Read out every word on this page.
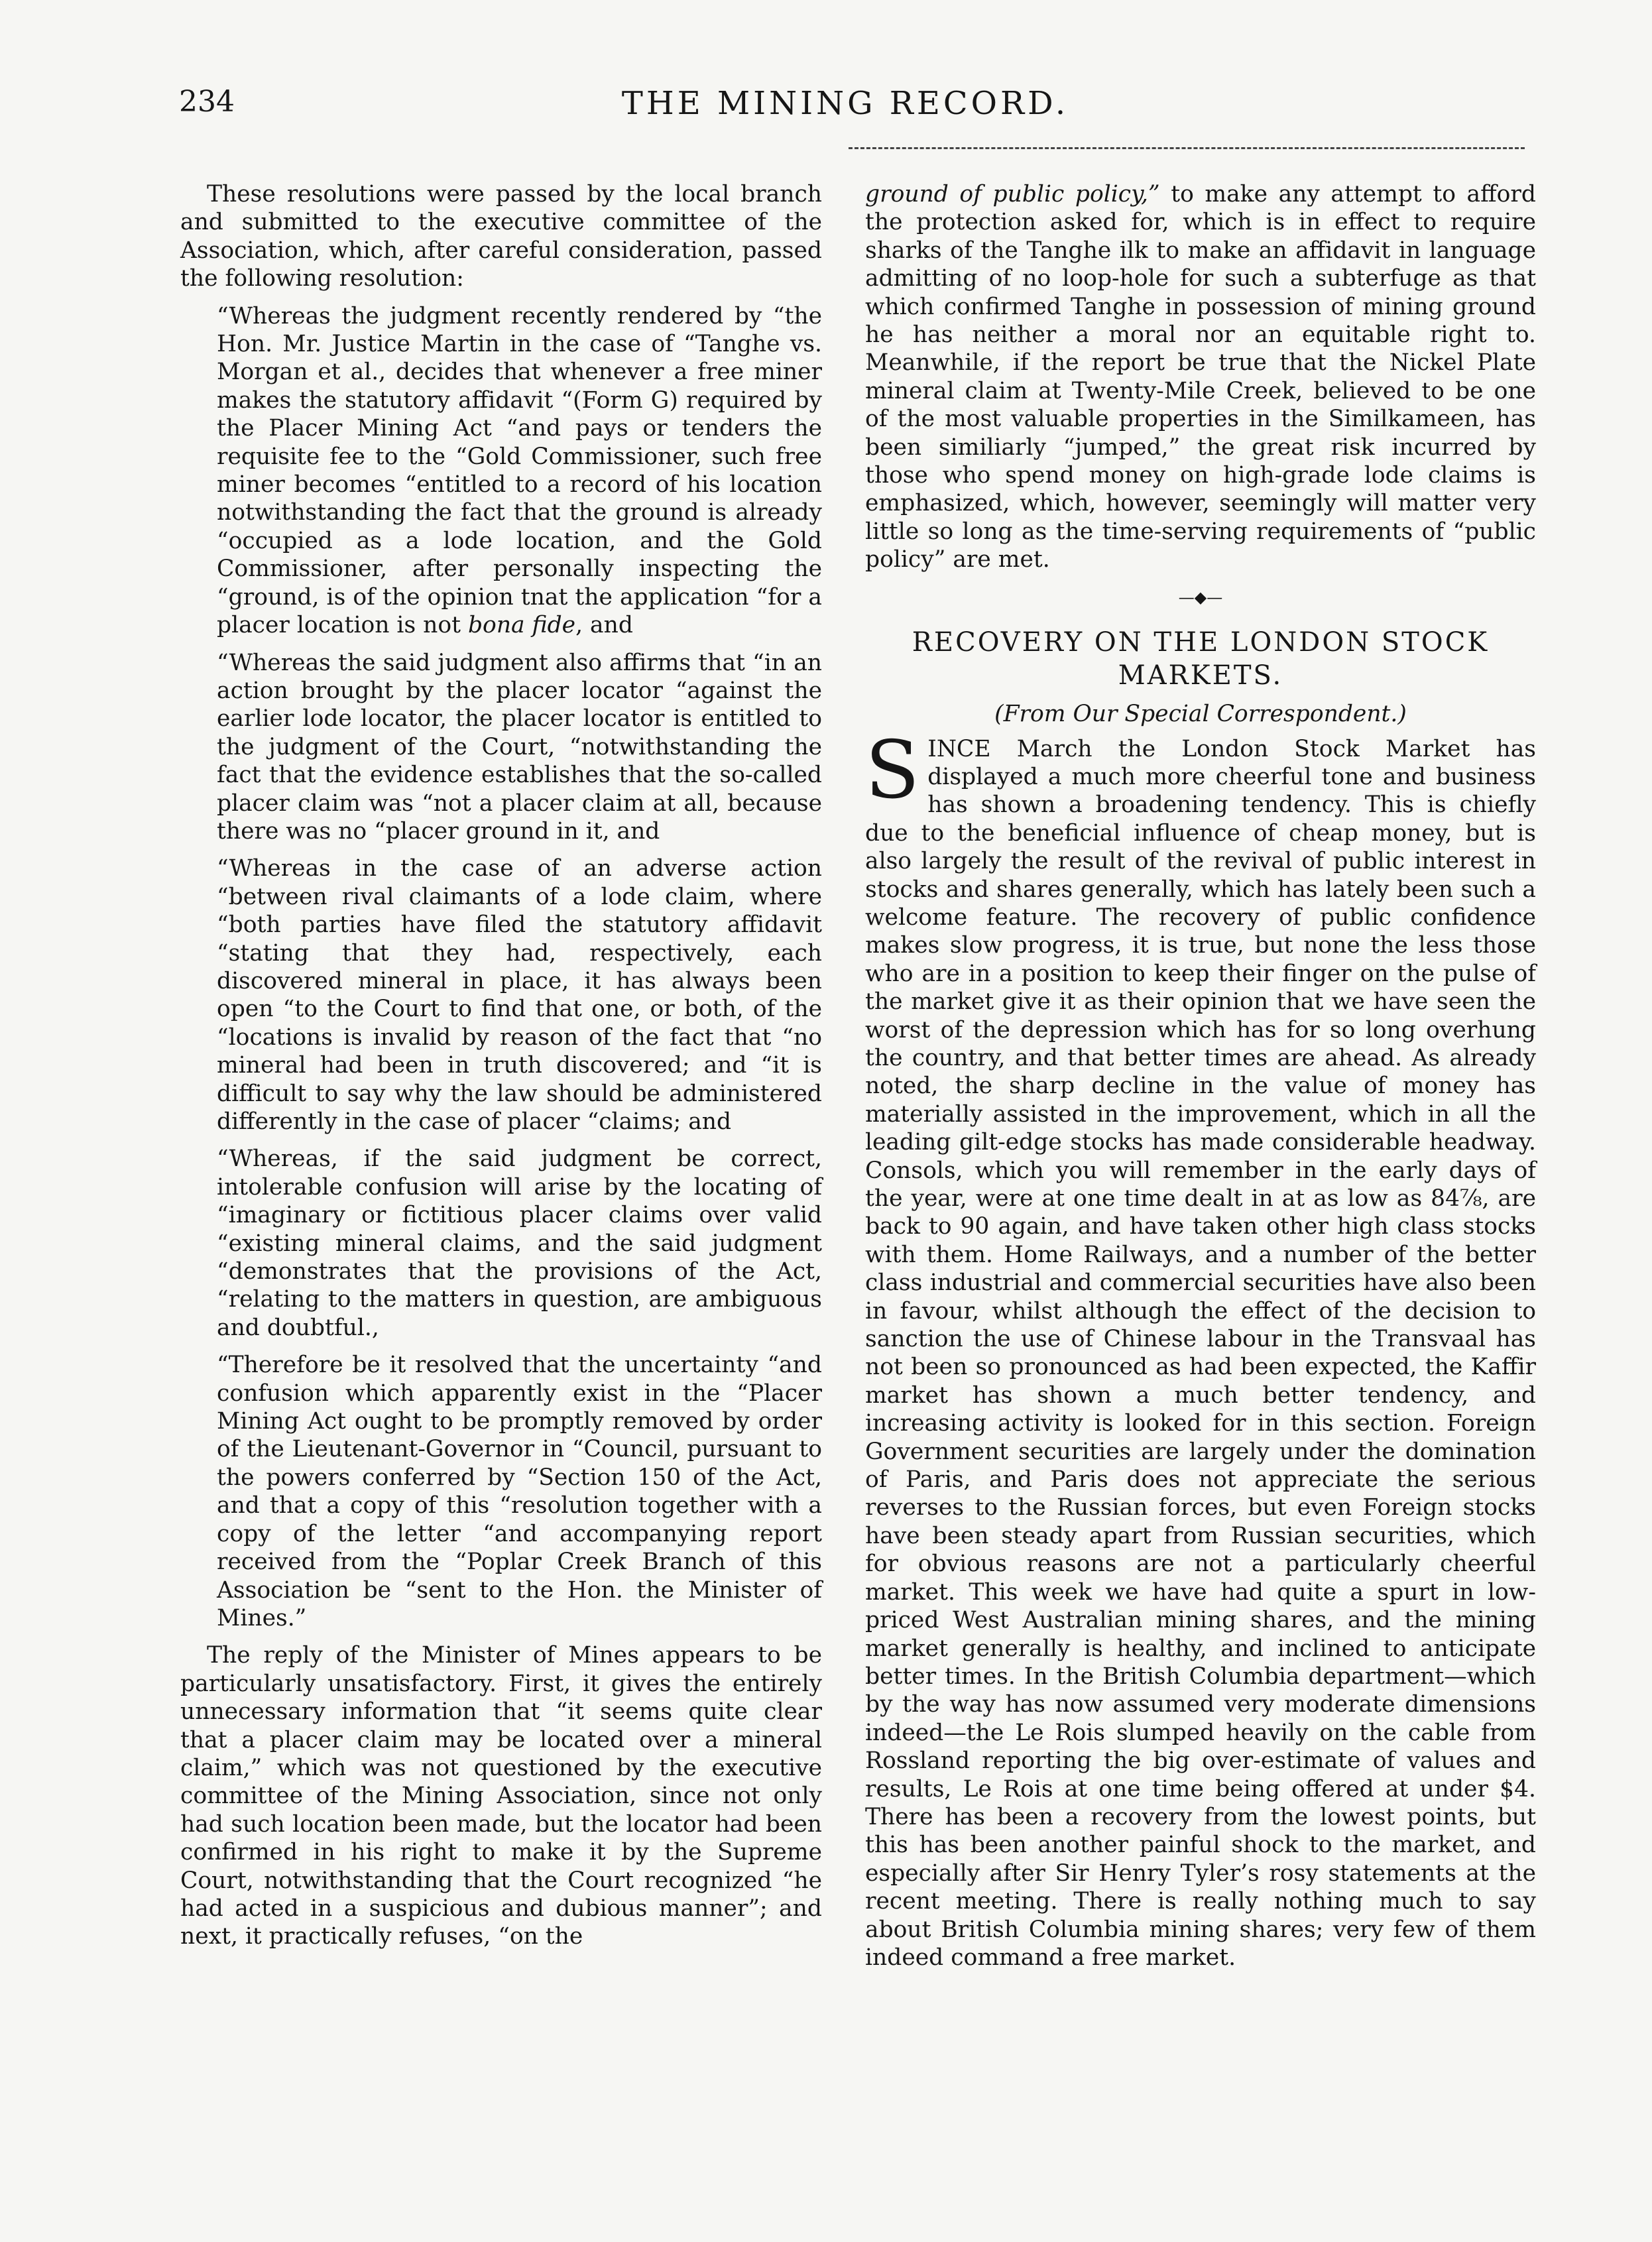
234	THE MINING RECORD.

These resolutions were passed by the local branch and submitted to the executive committee of the Association, which, after careful consideration, passed the following resolution:

“Whereas the judgment recently rendered by “the Hon. Mr. Justice Martin in the case of “Tanghe vs. Morgan et al., decides that whenever a free miner makes the statutory affidavit “(Form G) required by the Placer Mining Act “and pays or tenders the requisite fee to the “Gold Commissioner, such free miner becomes “entitled to a record of his location notwithstanding the fact that the ground is already “occupied as a lode location, and the Gold Commissioner, after personally inspecting the “ground, is of the opinion tnat the application “for a placer location is not bona fide, and

“Whereas the said judgment also affirms that “in an action brought by the placer locator “against the earlier lode locator, the placer locator is entitled to the judgment of the Court, “notwithstanding the fact that the evidence establishes that the so-called placer claim was “not a placer claim at all, because there was no “placer ground in it, and

“Whereas in the case of an adverse action “between rival claimants of a lode claim, where “both parties have filed the statutory affidavit “stating that they had, respectively, each discovered mineral in place, it has always been open “to the Court to find that one, or both, of the “locations is invalid by reason of the fact that “no mineral had been in truth discovered; and “it is difficult to say why the law should be administered differently in the case of placer “claims; and

“Whereas, if the said judgment be correct, intolerable confusion will arise by the locating of “imaginary or fictitious placer claims over valid “existing mineral claims, and the said judgment “demonstrates that the provisions of the Act, “relating to the matters in question, are ambiguous and doubtful.,

“Therefore be it resolved that the uncertainty “and confusion which apparently exist in the “Placer Mining Act ought to be promptly removed by order of the Lieutenant-Governor in “Council, pursuant to the powers conferred by “Section 150 of the Act, and that a copy of this “resolution together with a copy of the letter “and accompanying report received from the “Poplar Creek Branch of this Association be “sent to the Hon. the Minister of Mines.”

The reply of the Minister of Mines appears to be particularly unsatisfactory. First, it gives the entirely unnecessary information that “it seems quite clear that a placer claim may be located over a mineral claim,” which was not questioned by the executive committee of the Mining Association, since not only had such location been made, but the locator had been confirmed in his right to make it by the Supreme Court, notwithstanding that the Court recognized “he had acted in a suspicious and dubious manner”; and next, it practically refuses, “on the

ground of public policy,” to make any attempt to afford the protection asked for, which is in effect to require sharks of the Tanghe ilk to make an affidavit in language admitting of no loop-hole for such a subterfuge as that which confirmed Tanghe in possession of mining ground he has neither a moral nor an equitable right to. Meanwhile, if the report be true that the Nickel Plate mineral claim at Twenty-Mile Creek, believed to be one of the most valuable properties in the Similkameen, has been similiarly “jumped,” the great risk incurred by those who spend money on high-grade lode claims is emphasized, which, however, seemingly will matter very little so long as the time-serving requirements of “public policy” are met.

—◆—
RECOVERY ON THE LONDON STOCK MARKETS.
(From Our Special Correspondent.)

SINCE March the London Stock Market has displayed a much more cheerful tone and business has shown a broadening tendency. This is chiefly due to the beneficial influence of cheap money, but is also largely the result of the revival of public interest in stocks and shares generally, which has lately been such a welcome feature. The recovery of public confidence makes slow progress, it is true, but none the less those who are in a position to keep their finger on the pulse of the market give it as their opinion that we have seen the worst of the depression which has for so long overhung the country, and that better times are ahead. As already noted, the sharp decline in the value of money has materially assisted in the improvement, which in all the leading gilt-edge stocks has made considerable headway. Consols, which you will remember in the early days of the year, were at one time dealt in at as low as 84⅞, are back to 90 again, and have taken other high class stocks with them. Home Railways, and a number of the better class industrial and commercial securities have also been in favour, whilst although the effect of the decision to sanction the use of Chinese labour in the Transvaal has not been so pronounced as had been expected, the Kaffir market has shown a much better tendency, and increasing activity is looked for in this section. Foreign Government securities are largely under the domination of Paris, and Paris does not appreciate the serious reverses to the Russian forces, but even Foreign stocks have been steady apart from Russian securities, which for obvious reasons are not a particularly cheerful market. This week we have had quite a spurt in low-priced West Australian mining shares, and the mining market generally is healthy, and inclined to anticipate better times. In the British Columbia department—which by the way has now assumed very moderate dimensions indeed—the Le Rois slumped heavily on the cable from Rossland reporting the big over-estimate of values and results, Le Rois at one time being offered at under $4. There has been a recovery from the lowest points, but this has been another painful shock to the market, and especially after Sir Henry Tyler’s rosy statements at the recent meeting. There is really nothing much to say about British Columbia mining shares; very few of them indeed command a free market.
